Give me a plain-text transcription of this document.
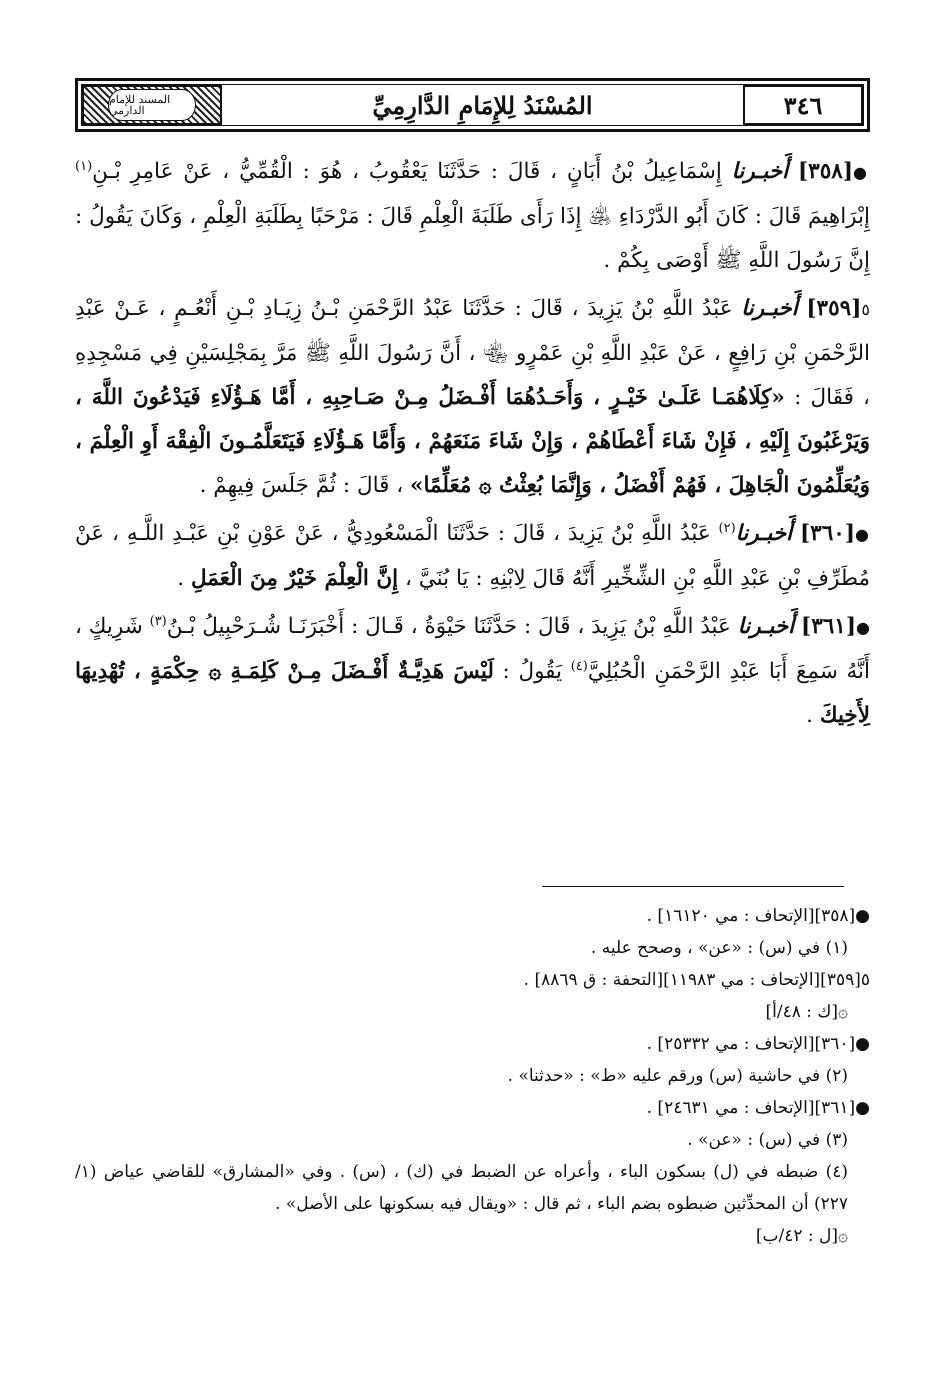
المسند للإمام الدارمي	المُسْنَدُ لِلإِمَامِ الدَّارِمِيِّ	٣٤٦

●[٣٥٨] أَخبـرنا إِسْمَاعِيلُ بْنُ أَبَانٍ ، قَالَ : حَدَّثَنَا يَعْقُوبُ ، هُوَ : الْقُمِّيُّ ، عَنْ عَامِرِ بْـنِ$^{(١)}$ إِبْرَاهِيمَ قَالَ : كَانَ أَبُو الدَّرْدَاءِ ﵁ إِذَا رَأَى طَلَبَةَ الْعِلْمِ قَالَ : مَرْحَبًا بِطَلَبَةِ الْعِلْمِ ، وَكَانَ يَقُولُ : إِنَّ رَسُولَ اللَّهِ ﷺ أَوْصَى بِكُمْ .

٥[٣٥٩] أَخبـرنا عَبْدُ اللَّهِ بْنُ يَزِيدَ ، قَالَ : حَدَّثَنَا عَبْدُ الرَّحْمَنِ بْـنُ زِيَـادِ بْـنِ أَنْعُـمٍ ، عَـنْ عَبْدِ الرَّحْمَنِ بْنِ رَافِعٍ ، عَنْ عَبْدِ اللَّهِ بْنِ عَمْرٍو ﵄ ، أَنَّ رَسُولَ اللَّهِ ﷺ مَرَّ بِمَجْلِسَيْنِ فِي مَسْجِدِهِ ، فَقَالَ : «كِلَاهُمَـا عَلَـىٰ خَيْـرٍ ، وَأَحَـدُهُمَا أَفْـضَلُ مِـنْ صَـاحِبِهِ ، أَمَّا هَـؤُلَاءِ فَيَدْعُونَ اللَّهَ ، وَيَرْغَبُونَ إِلَيْهِ ، فَإِنْ شَاءَ أَعْطَاهُمْ ، وَإِنْ شَاءَ مَنَعَهُمْ ، وَأَمَّا هَـؤُلَاءِ فَيَتَعَلَّمُـونَ الْفِقْهَ أَوِ الْعِلْمَ ، وَيُعَلِّمُونَ الْجَاهِلَ ، فَهُمْ أَفْضَلُ ، وَإِنَّمَا بُعِثْتُ ۞ مُعَلِّمًا» ، قَالَ : ثُمَّ جَلَسَ فِيهِمْ .

●[٣٦٠] أَخبـرنا$^{(٢)}$ عَبْدُ اللَّهِ بْنُ يَزِيدَ ، قَالَ : حَدَّثَنَا الْمَسْعُودِيُّ ، عَنْ عَوْنِ بْنِ عَبْـدِ اللَّـهِ ، عَنْ مُطَرِّفِ بْنِ عَبْدِ اللَّهِ بْنِ الشِّخِّيرِ أَنَّهُ قَالَ لِابْنِهِ : يَا بُنَيَّ ، إِنَّ الْعِلْمَ خَيْرٌ مِنَ الْعَمَلِ .

●[٣٦١] أَخبـرنا عَبْدُ اللَّهِ بْنُ يَزِيدَ ، قَالَ : حَدَّثَنَا حَيْوَةُ ، قَـالَ : أَخْبَرَنَـا شُـرَحْبِيلُ بْـنُ$^{(٣)}$ شَرِيكٍ ، أَنَّهُ سَمِعَ أَبَا عَبْدِ الرَّحْمَنِ الْحُبُلِيَّ$^{(٤)}$ يَقُولُ : لَيْسَ هَدِيَّـةٌ أَفْـضَلَ مِـنْ كَلِمَـةِ ۞ حِكْمَةٍ ، تُهْدِيهَا لِأَخِيكَ .

●[٣٥٨][الإتحاف : مي ١٦١٢٠] .

(١) في (س) : «عن» ، وصحح عليه .

٥[٣٥٩][الإتحاف : مي ١١٩٨٣][التحفة : ق ٨٨٦٩] .

۞[ك : ٤٨/أ]

●[٣٦٠][الإتحاف : مي ٢٥٣٣٢] .

(٢) في حاشية (س) ورقم عليه «ط» : «حدثنا» .

●[٣٦١][الإتحاف : مي ٢٤٦٣١] .

(٣) في (س) : «عن» .

(٤) ضبطه في (ل) بسكون الباء ، وأعراه عن الضبط في (ك) ، (س) . وفي «المشارق» للقاضي عياض (١/ ٢٢٧) أن المحدِّثين ضبطوه بضم الباء ، ثم قال : «ويقال فيه بسكونها على الأصل» .

۞[ل : ٤٢/ب]
